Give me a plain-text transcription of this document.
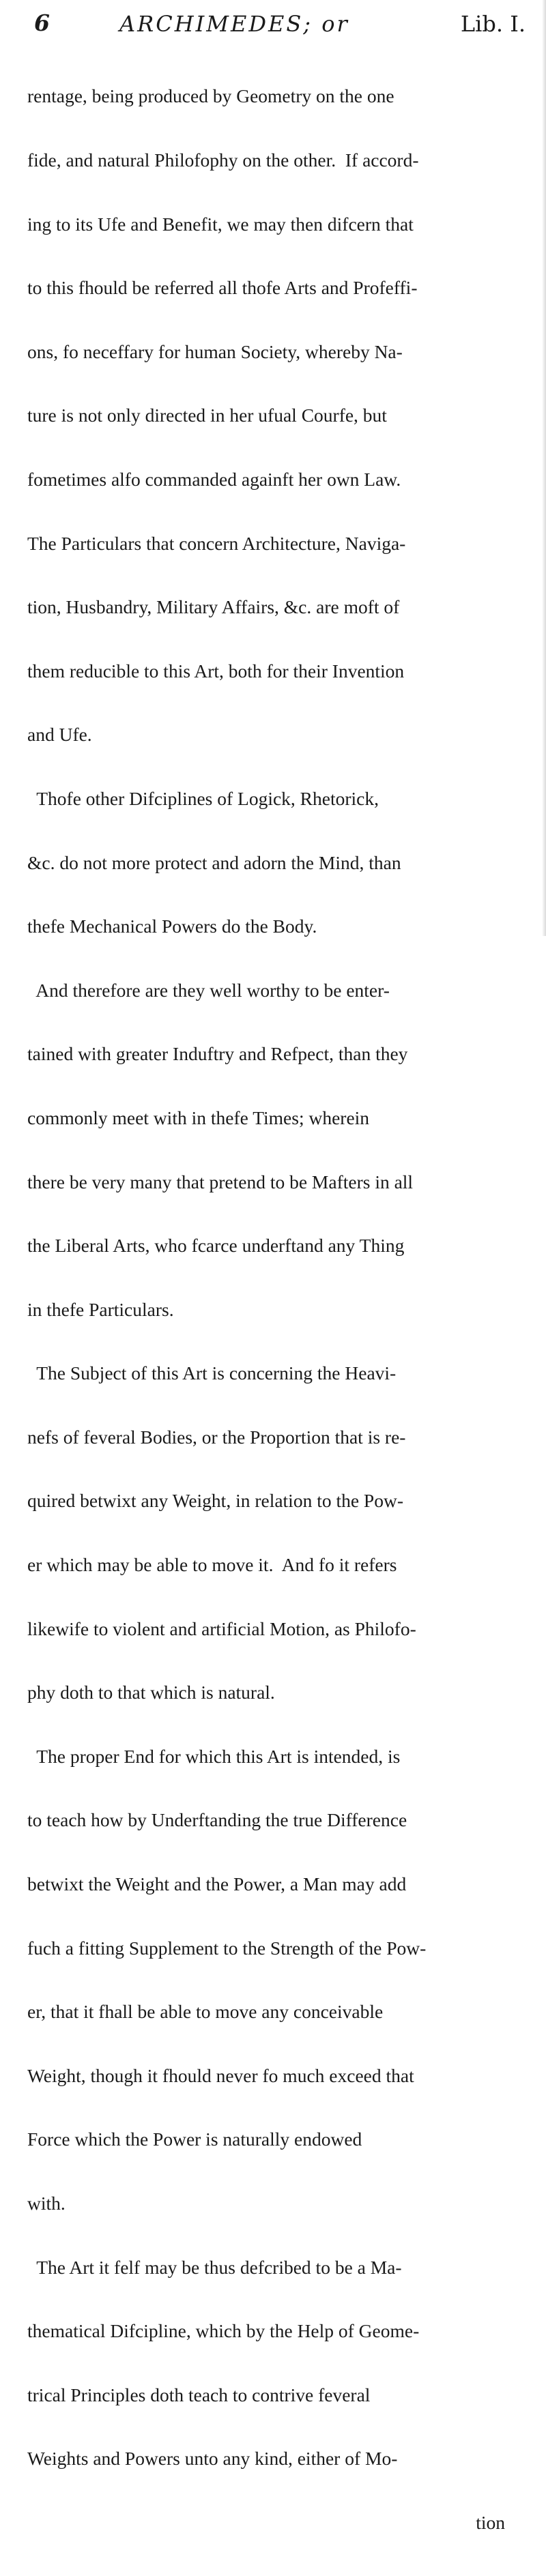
6	ARCHIMEDES; or	Lib. I.

rentage, being produced by Geometry on the one

fide, and natural Philofophy on the other.  If accord-

ing to its Ufe and Benefit, we may then difcern that

to this fhould be referred all thofe Arts and Profeffi-

ons, fo neceffary for human Society, whereby Na-

ture is not only directed in her ufual Courfe, but

fometimes alfo commanded againft her own Law.

The Particulars that concern Architecture, Naviga-

tion, Husbandry, Military Affairs, &c. are moft of

them reducible to this Art, both for their Invention

and Ufe.

Thofe other Difciplines of Logick, Rhetorick,

&c. do not more protect and adorn the Mind, than

thefe Mechanical Powers do the Body.

And therefore are they well worthy to be enter-

tained with greater Induftry and Refpect, than they

commonly meet with in thefe Times; wherein

there be very many that pretend to be Mafters in all

the Liberal Arts, who fcarce underftand any Thing

in thefe Particulars.

The Subject of this Art is concerning the Heavi-

nefs of feveral Bodies, or the Proportion that is re-

quired betwixt any Weight, in relation to the Pow-

er which may be able to move it.  And fo it refers

likewife to violent and artificial Motion, as Philofo-

phy doth to that which is natural.

The proper End for which this Art is intended, is

to teach how by Underftanding the true Difference

betwixt the Weight and the Power, a Man may add

fuch a fitting Supplement to the Strength of the Pow-

er, that it fhall be able to move any conceivable

Weight, though it fhould never fo much exceed that

Force which the Power is naturally endowed

with.

The Art it felf may be thus defcribed to be a Ma-

thematical Difcipline, which by the Help of Geome-

trical Principles doth teach to contrive feveral

Weights and Powers unto any kind, either of Mo-

tion
